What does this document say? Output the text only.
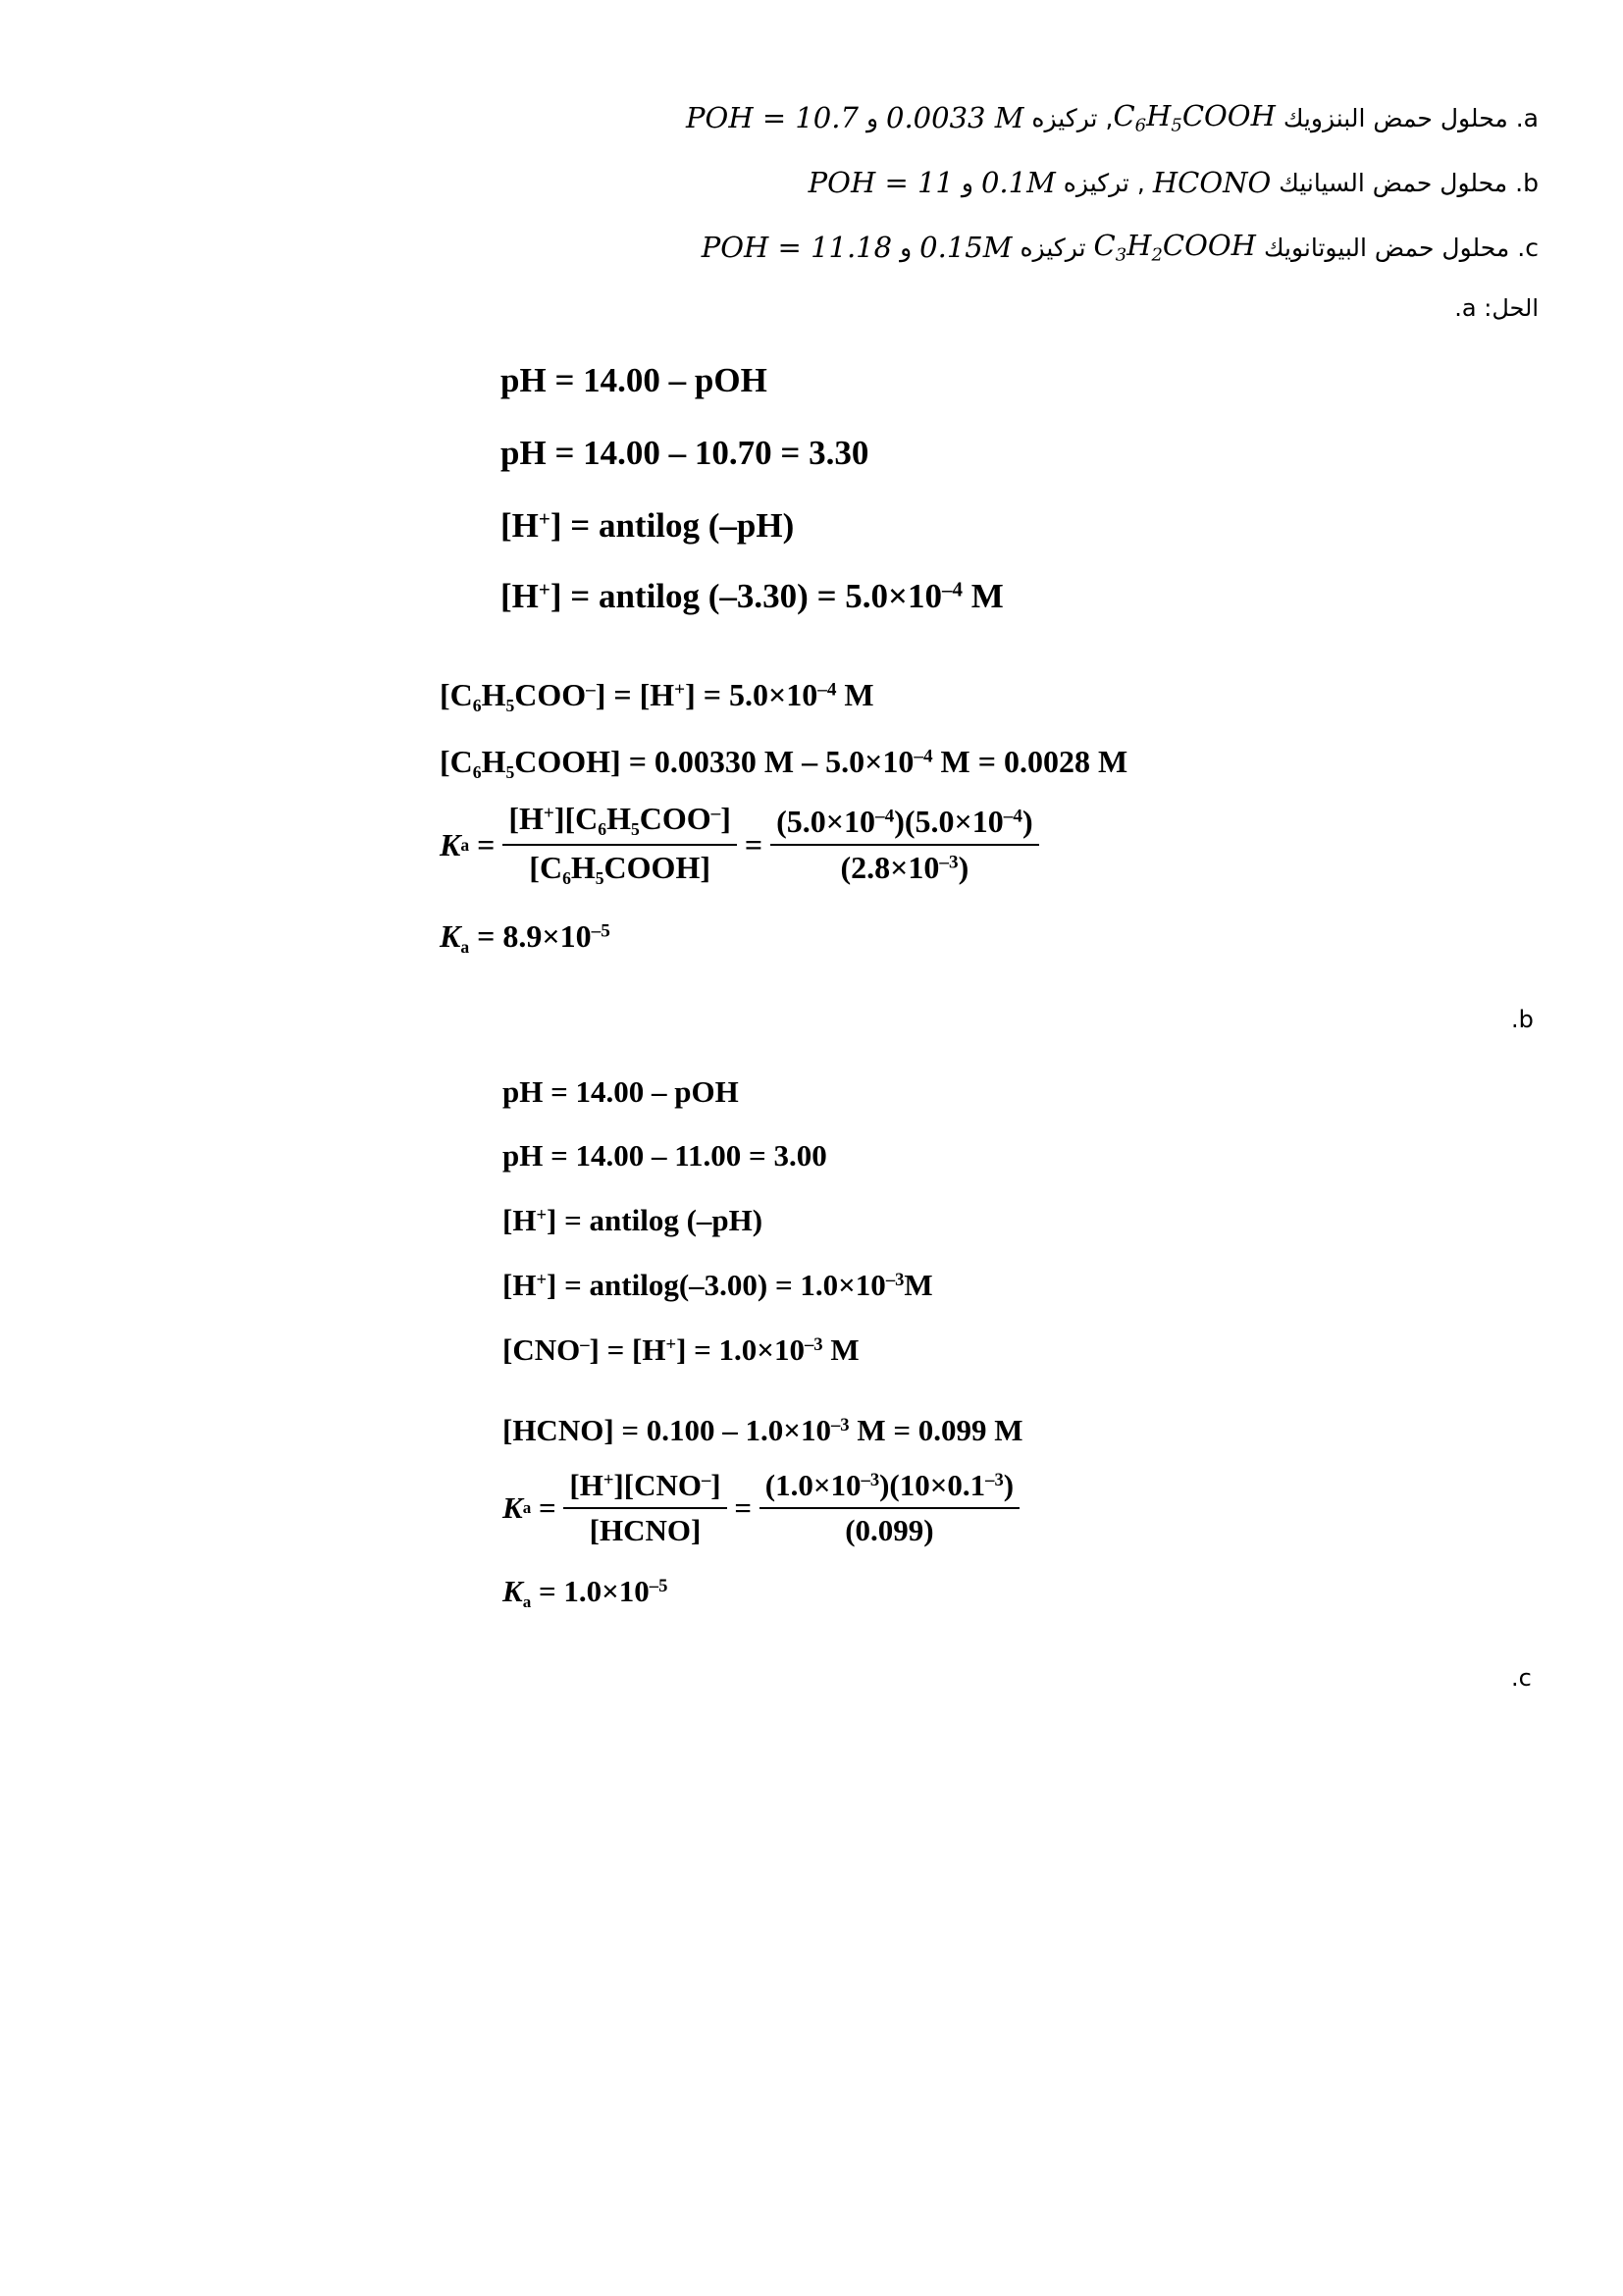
a.
محلول حمض البنزويك
$C_6H_5COOH$
,
تركيزه
0.0033 M
و
POH = 10.7
b.
محلول حمض السيانيك
HCONO
,
تركيزه
0.1M
و
POH = 11
c.
محلول حمض البيوتانويك
$C_3H_2COOH$
تركيزه
0.15M
و
POH = 11.18
الحل: a.
pH = 14.00 – pOH
pH = 14.00 – 10.70 = 3.30
[H+] = antilog (–pH)
[H+] = antilog $(-3.30) = 5.0\times 10^{-4}$ M
$[C6H5COO^-] = [H^+] = 5.0\times 10^{-4}$ M
[C6H5COOH] = 0.00330 $M - 5.0\times 10^{-4}$ M = 0.0028 M
K $a = \frac{[H^+][C6H5COO^-]}{\text{[C6H5COOH]}} = \frac{(5.0\times 10^{-4})(5.0\times 10^{-4})}{(2.8\times 10^{-3})}$
$Ka = 8.9\times 10^{-5}$
.b
pH = 14.00 – pOH
pH = 14.00 – 11.00 = 3.00
[H+] = antilog (–pH)
[H+] = antilog(–3.00) = $1.0\times 10^{-3}M$
$[CNO^-] = [H^+] = 1.0\times 10^{-3}$ M
[HCNO] = $0.100 - 1.0\times 10^{-3}$ M = 0.099 M
K $a = \frac{[H^+][CNO^-]}{\text{[HCNO]}} = \frac{(1.0\times 10^{-3})(10\times 0.1^{-3})}{(0.099)}$
$Ka = 1.0\times 10^{-5}$
.c
